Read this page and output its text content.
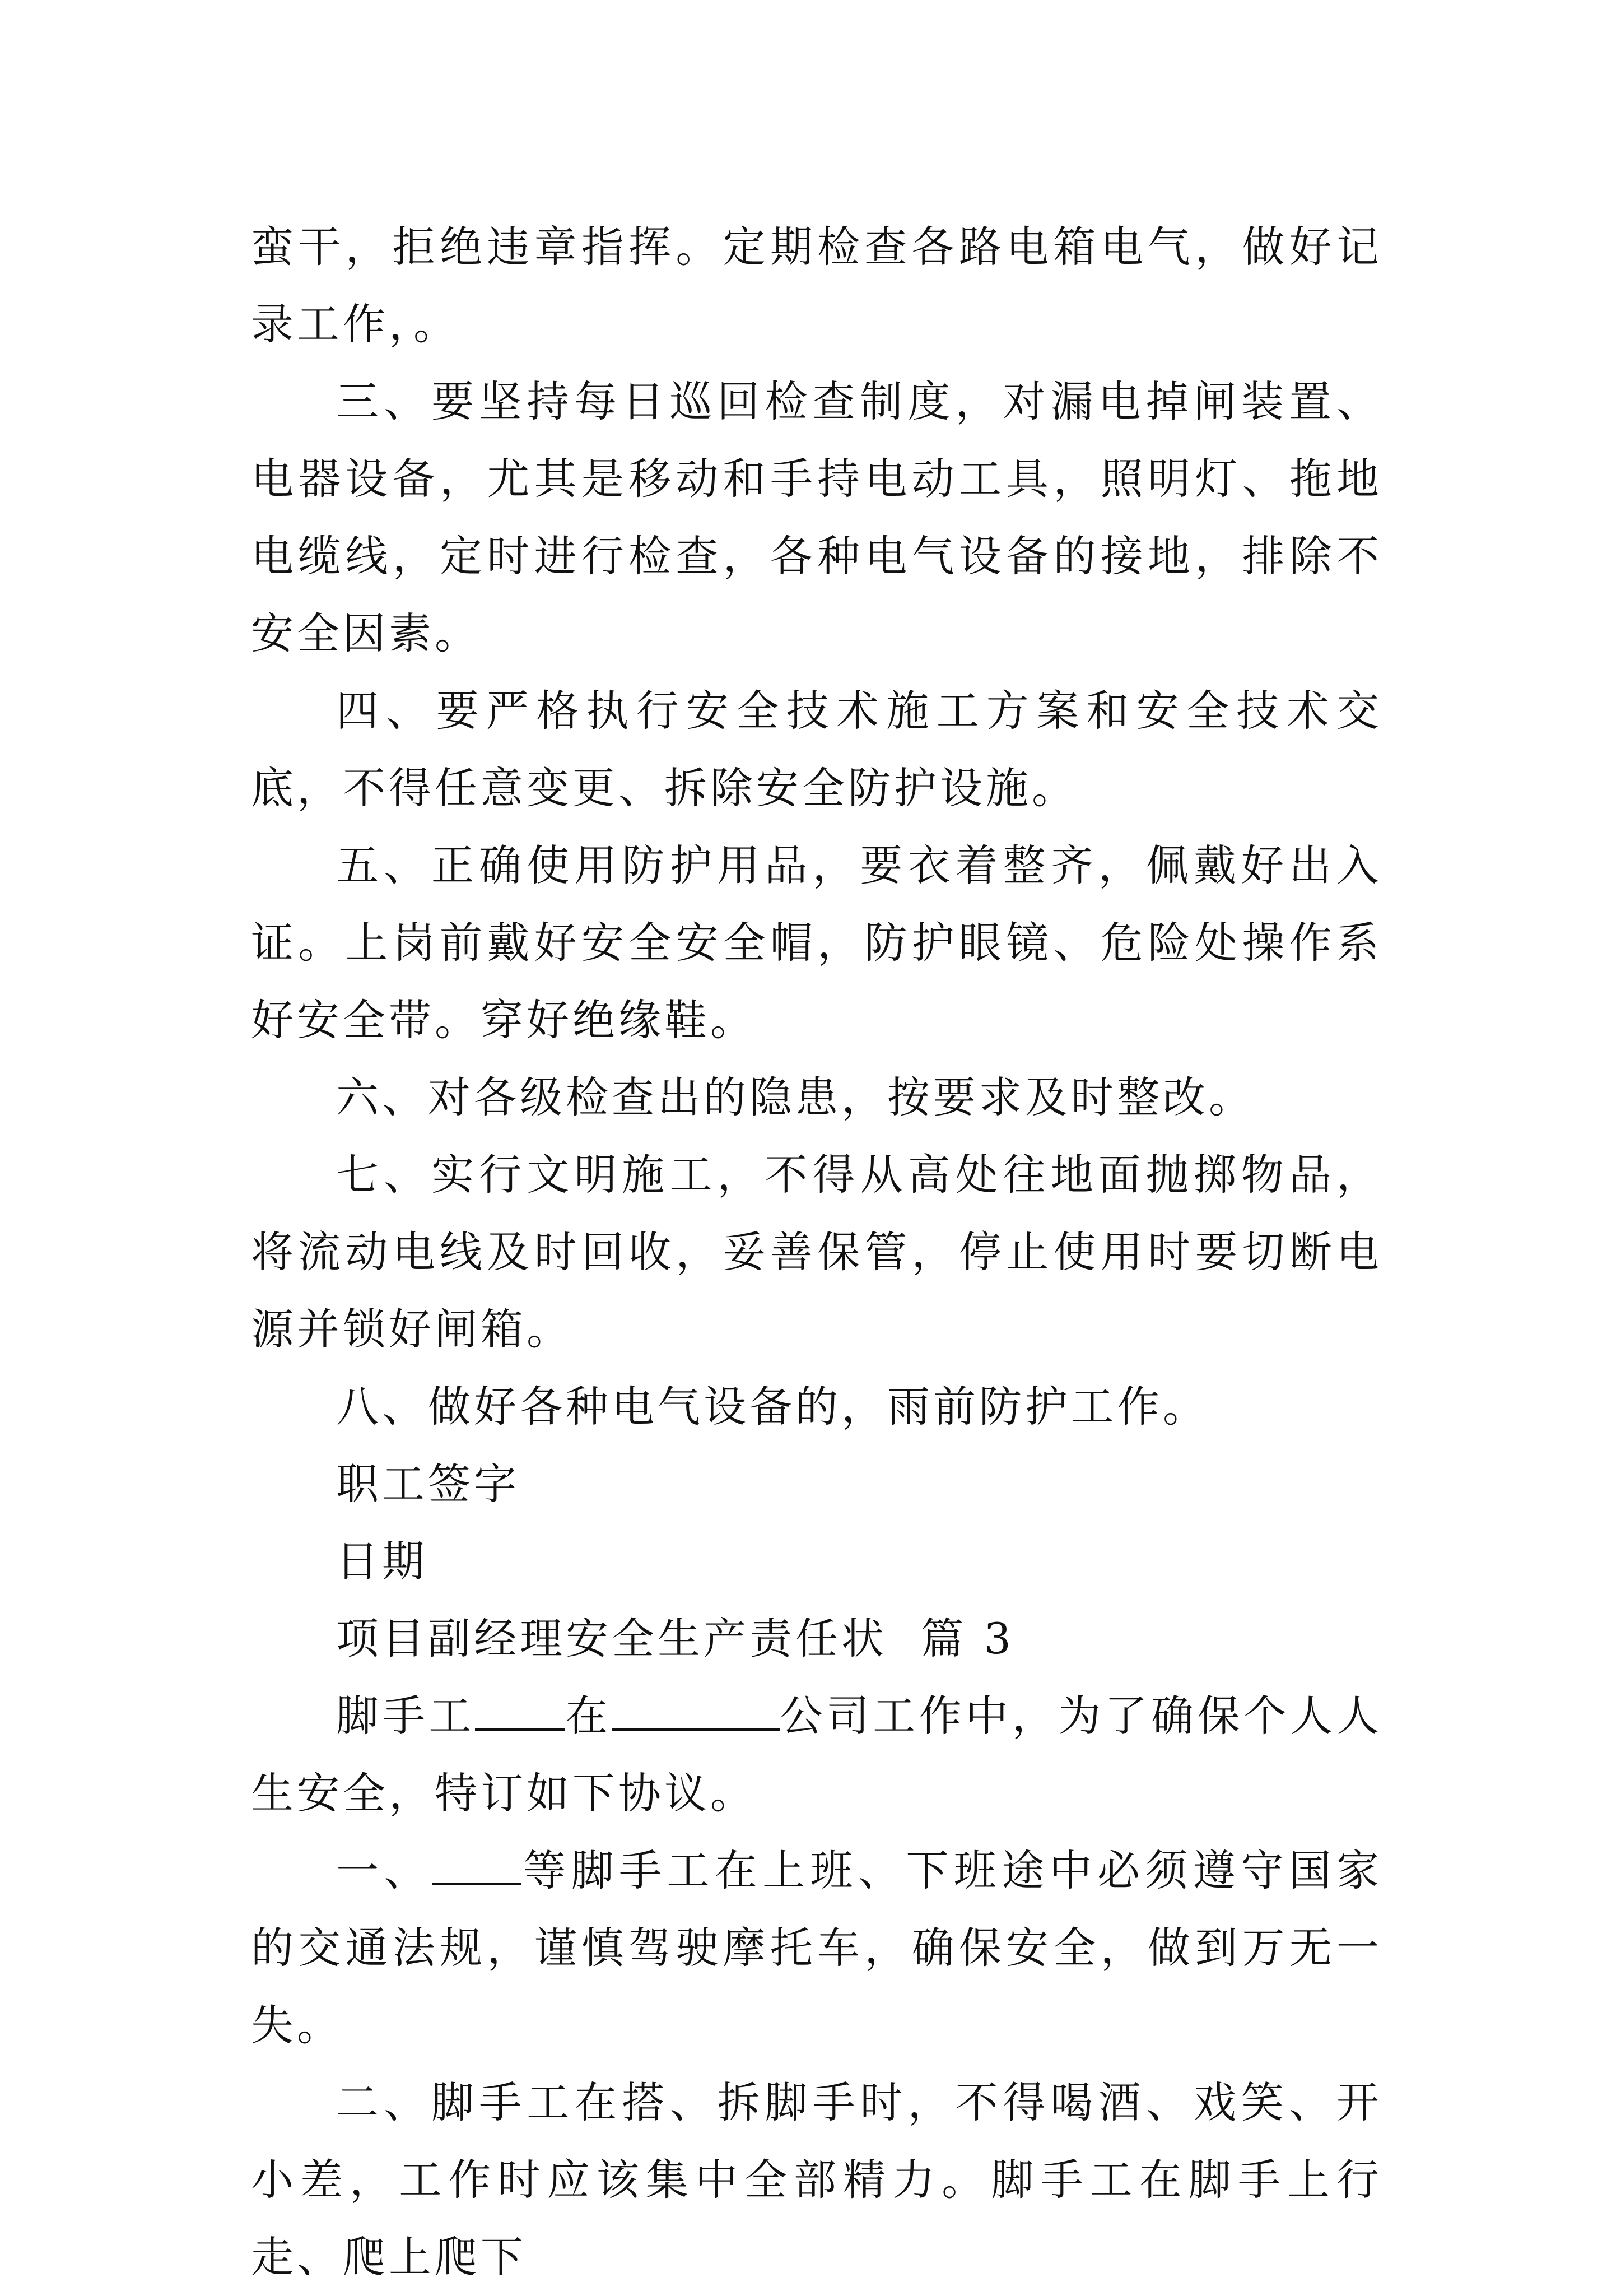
蛮干，拒绝违章指挥。定期检查各路电箱电气，做好记录工作，。

三、要坚持每日巡回检查制度，对漏电掉闸装置、电器设备，尤其是移动和手持电动工具，照明灯、拖地电缆线，定时进行检查，各种电气设备的接地，排除不安全因素。

四、要严格执行安全技术施工方案和安全技术交底，不得任意变更、拆除安全防护设施。

五、正确使用防护用品，要衣着整齐，佩戴好出入证。上岗前戴好安全安全帽，防护眼镜、危险处操作系好安全带。穿好绝缘鞋。

六、对各级检查出的隐患，按要求及时整改。

七、实行文明施工，不得从高处往地面抛掷物品，将流动电线及时回收，妥善保管，停止使用时要切断电源并锁好闸箱。

八、做好各种电气设备的，雨前防护工作。

职工签字

日期

项目副经理安全生产责任状  篇 3

脚手工 在	公司工作中，为了确保个人人生安全，特订如下协议。

一、 等脚手工在上班、下班途中必须遵守国家的交通法规，谨慎驾驶摩托车，确保安全，做到万无一失。

二、脚手工在搭、拆脚手时，不得喝酒、戏笑、开小差，工作时应该集中全部精力。脚手工在脚手上行走、爬上爬下
